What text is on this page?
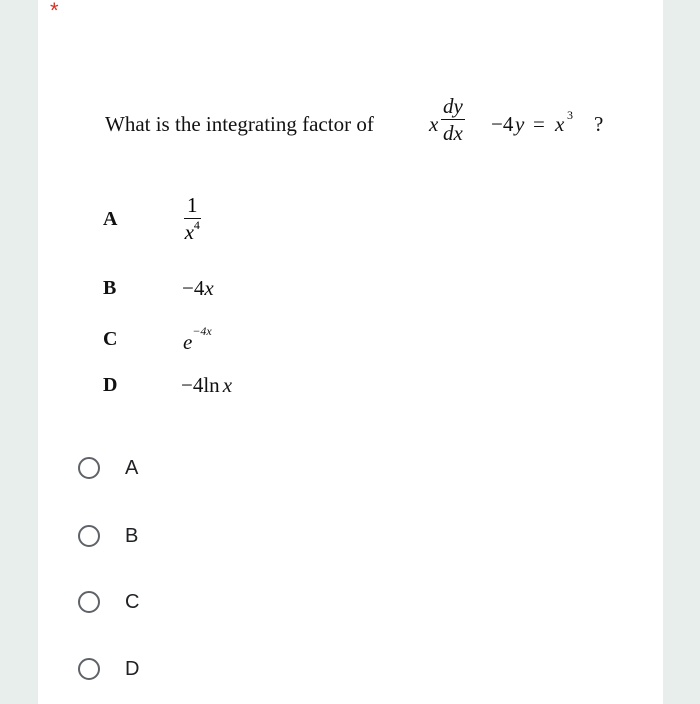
*
What is the integrating factor of	x $\frac{dy}{dx} -4$ y = x 3 ?
A	$\frac{1}{x^4}$
B	−4x
C	$e^{-4x}$
D	−4ln x
A
B
C
D
